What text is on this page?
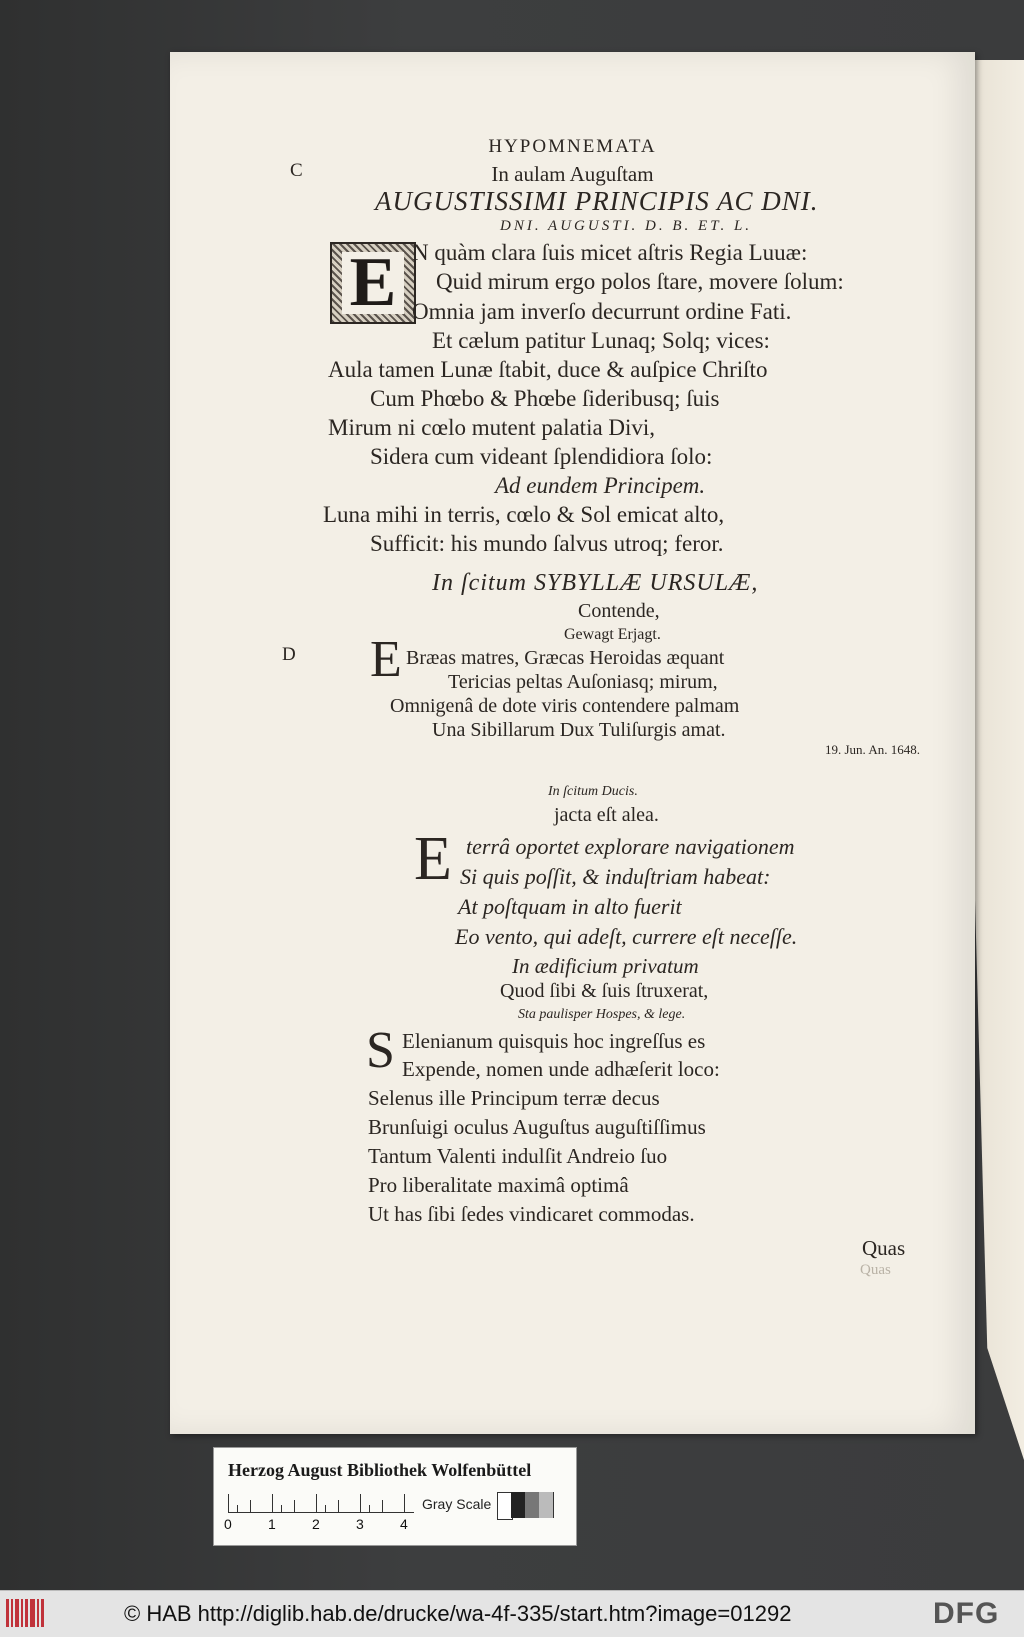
C
D
HYPOMNEMATA
In aulam Auguſtam
AUGUSTISSIMI PRINCIPIS AC DNI.
DNI. AUGUSTI. D. B. ET. L.
E N quàm clara ſuis micet aſtris Regia Luuæ:
Quid mirum ergo polos ſtare, movere ſolum:
Omnia jam inverſo decurrunt ordine Fati.
Et cælum patitur Lunaq; Solq; vices:
Aula tamen Lunæ ſtabit, duce & auſpice Chriſto
Cum Phœbo & Phœbe ſideribusq; ſuis
Mirum ni cœlo mutent palatia Divi,
Sidera cum videant ſplendidiora ſolo:
Ad eundem Principem.
Luna mihi in terris, cœlo & Sol emicat alto,
Sufficit: his mundo ſalvus utroq; feror.
In ſcitum SYBYLLÆ URSULÆ,
Contende,
Gewagt Erjagt.
E Bræas matres, Græcas Heroidas æquant
Tericias peltas Auſoniasq; mirum,
Omnigenâ de dote viris contendere palmam
Una Sibillarum Dux Tuliſurgis amat.
19. Jun. An. 1648.
In ſcitum Ducis.
jacta eſt alea.
E terrâ oportet explorare navigationem
Si quis poſſit, & induſtriam habeat:
At poſtquam in alto fuerit
Eo vento, qui adeſt, currere eſt neceſſe.
In ædificium privatum
Quod ſibi & ſuis ſtruxerat,
Sta paulisper Hospes, & lege.
S Elenianum quisquis hoc ingreſſus es
Expende, nomen unde adhæſerit loco:
Selenus ille Principum terræ decus
Brunſuigi oculus Auguſtus auguſtiſſimus
Tantum Valenti indulſit Andreio ſuo
Pro liberalitate maximâ optimâ
Ut has ſibi ſedes vindicaret commodas.
Quas
Quas
Herzog August Bibliothek Wolfenbüttel
0	1	2	3	4
Gray Scale
© HAB http://diglib.hab.de/drucke/wa-4f-335/start.htm?image=01292	DFG
